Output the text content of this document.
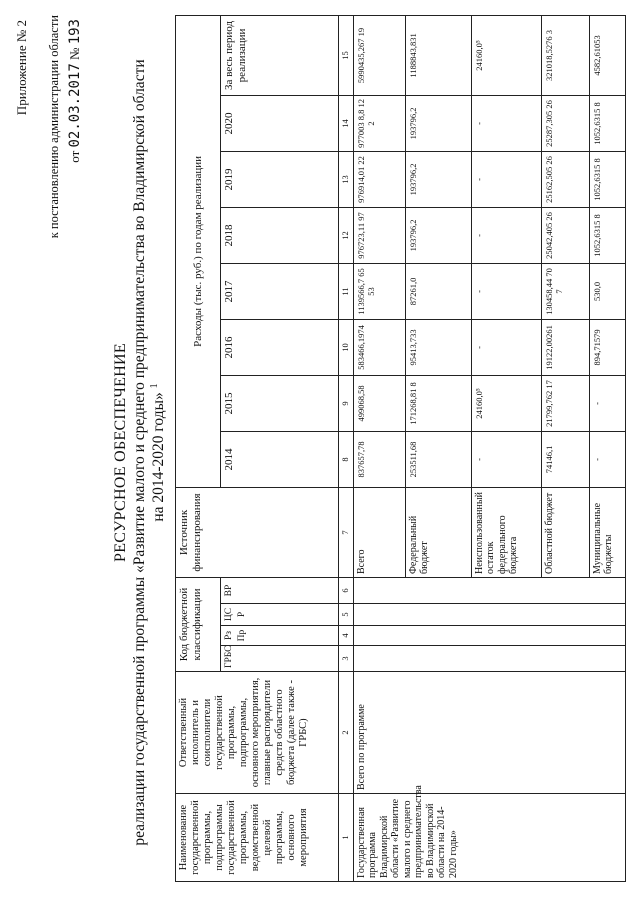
Приложение № 2 к постановлению администрации области от 02.03.2017 № 193
РЕСУРСНОЕ ОБЕСПЕЧЕНИЕ реализации государственной программы «Развитие малого и среднего предпринимательства во Владимирской области на 2014-2020 годы» $^1$
Наименование государственной программы, подпрограммы государственной программы, ведомственной целевой программы, основного мероприятия	Ответственный исполнитель и соисполнители государственной программы, подпрограммы, основного мероприятия, главные распорядители средств областного бюджета (далее также - ГРБС)	Код бюджетной классификации				Источник финансирования	Расходы (тыс. руб.) по годам реализации							
		ГРБС	Рз Пр	ЦС Р	ВР		2014	2015	2016	2017	2018	2019	2020	За весь период реализации
1	2	3	4	5	6	7	8	9	10	11	12	13	14	15
Государственная программа Владимирской области «Развитие малого и среднего предпринимательства во Владимирской области на 2014-2020 годы»	Всего по программе					Всего	837657,78	499068,58	583466,1974	1139566,7 6553	976723,11 97	976914,01 22	977003 8,8 122	5990435,267 19
						Федеральный бюджет	253511,68	171268,81 8	95413,733	87261,0	193796,2	193796,2	193796,2	1188843,831
						Неиспользованный остаток федерального бюджета	-	24160,0⁵	-	-	-	-	-	24160,0⁵
						Областной бюджет	74146,1	21799,762 17	19122,00261	130458,44 707	25042,405 26	25162,505 26	25287,305 26	321018,5276 3
						Муниципальные бюджеты	-	-	894,71579	530,0	1052,6315 8	1052,6315 8	1052,6315 8	4582,61053
